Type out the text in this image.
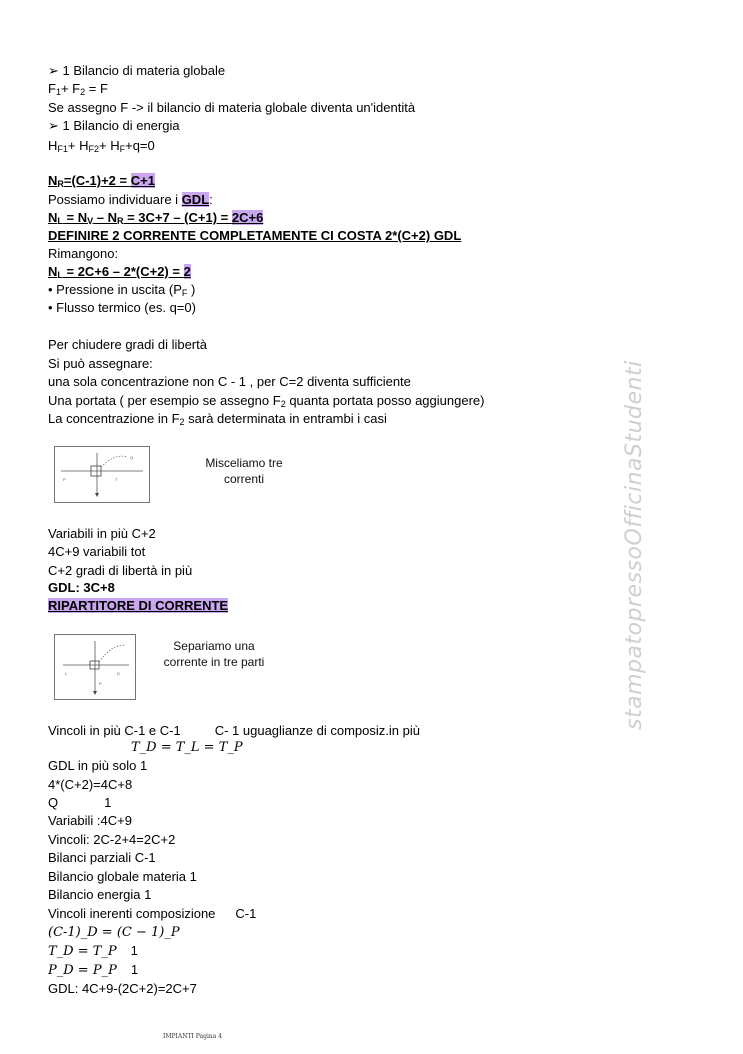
➢ 1 Bilancio di materia globale
$F_1+ F_2 = F$
Se assegno F -> il bilancio di materia globale diventa un'identità
➢ 1 Bilancio di energia
$H_{F1}+ H_{F2}+ H_F+q=0$
$N_R=(C-1)+2 = C+1$
Possiamo individuare i GDL:
$N_L = N_V - N_R = 3C+7 - (C+1) = 2C+6$
DEFINIRE 2 CORRENTE COMPLETAMENTE CI COSTA 2*(C+2) GDL
Rimangono:
$N_L = 2C+6 - 2*(C+2) = 2$
• Pressione in uscita ($P_F$ )
• Flusso termico (es. q=0)
Per chiudere gradi di libertà
Si può assegnare:
una sola concentrazione non C - 1 , per C=2 diventa sufficiente
Una portata ( per esempio se assegno $F_2$ quanta portata posso aggiungere)
La concentrazione in $F_2$ sarà determinata in entrambi i casi
P	T
Q	Misceliamo tre
correnti
Variabili in più C+2
4C+9 variabili tot
C+2 gradi di libertà in più
GDL: 3C+8
RIPARTITORE DI CORRENTE
L	D
P
Separiamo una
corrente in tre parti
Vincoli in più C-1 e C-1	C- 1 uguaglianze di composiz.in più
T_D = T_L = T_P
GDL in più solo 1
4*(C+2)=4C+8
Q	1
Variabili :4C+9
Vincoli: 2C-2+4=2C+2
Bilanci parziali C-1
Bilancio globale materia 1
Bilancio energia 1
Vincoli inerenti composizione C-1
(C-1)_D = (C − 1)_P
T_D = T_P 1
P_D = P_P 1
GDL: 4C+9-(2C+2)=2C+7
stampatopressoOfficinaStudenti
IMPIANTI Pagina 4
